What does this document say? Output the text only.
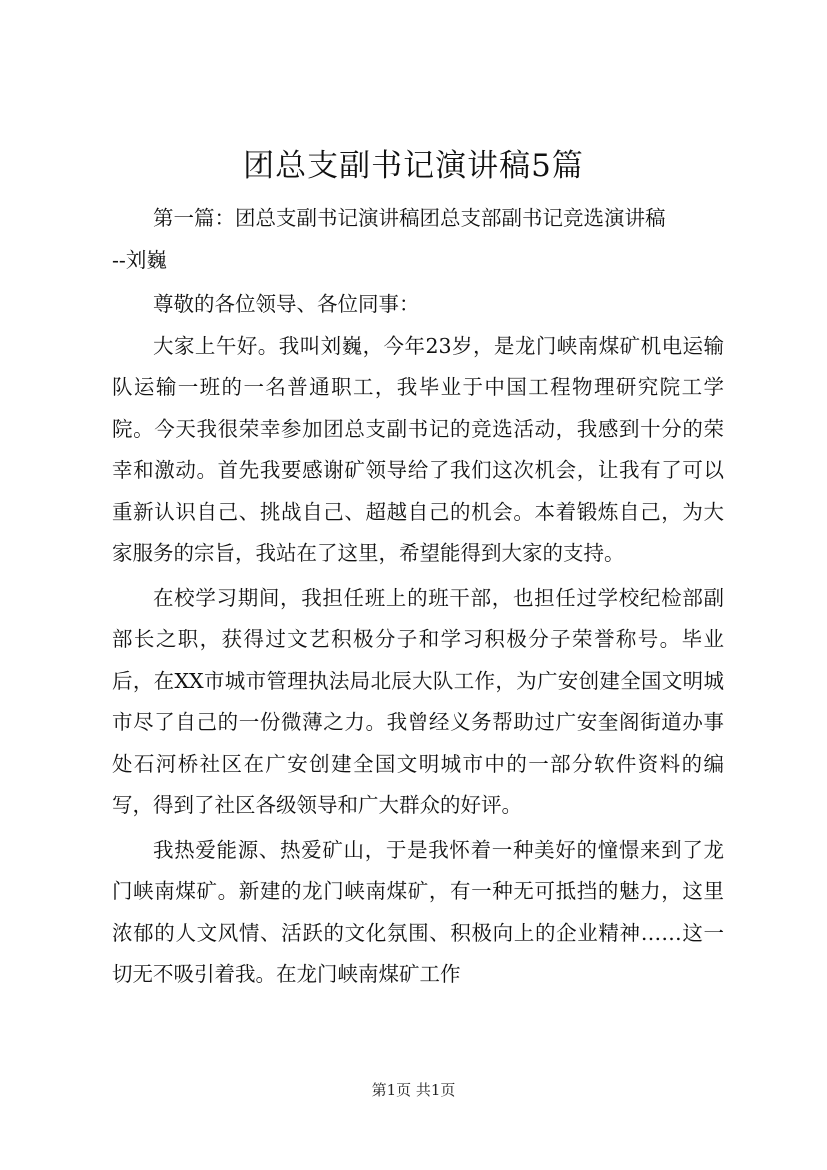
团总支副书记演讲稿5篇

第一篇：团总支副书记演讲稿团总支部副书记竞选演讲稿

--刘巍

尊敬的各位领导、各位同事：

大家上午好。我叫刘巍，今年23岁，是龙门峡南煤矿机电运输队运输一班的一名普通职工，我毕业于中国工程物理研究院工学院。今天我很荣幸参加团总支副书记的竞选活动，我感到十分的荣幸和激动。首先我要感谢矿领导给了我们这次机会，让我有了可以重新认识自己、挑战自己、超越自己的机会。本着锻炼自己，为大家服务的宗旨，我站在了这里，希望能得到大家的支持。

在校学习期间，我担任班上的班干部，也担任过学校纪检部副部长之职，获得过文艺积极分子和学习积极分子荣誉称号。毕业后，在XX市城市管理执法局北辰大队工作，为广安创建全国文明城市尽了自己的一份微薄之力。我曾经义务帮助过广安奎阁街道办事处石河桥社区在广安创建全国文明城市中的一部分软件资料的编写，得到了社区各级领导和广大群众的好评。

我热爱能源、热爱矿山，于是我怀着一种美好的憧憬来到了龙门峡南煤矿。新建的龙门峡南煤矿，有一种无可抵挡的魅力，这里浓郁的人文风情、活跃的文化氛围、积极向上的企业精神……这一切无不吸引着我。在龙门峡南煤矿工作

第1页 共1页
